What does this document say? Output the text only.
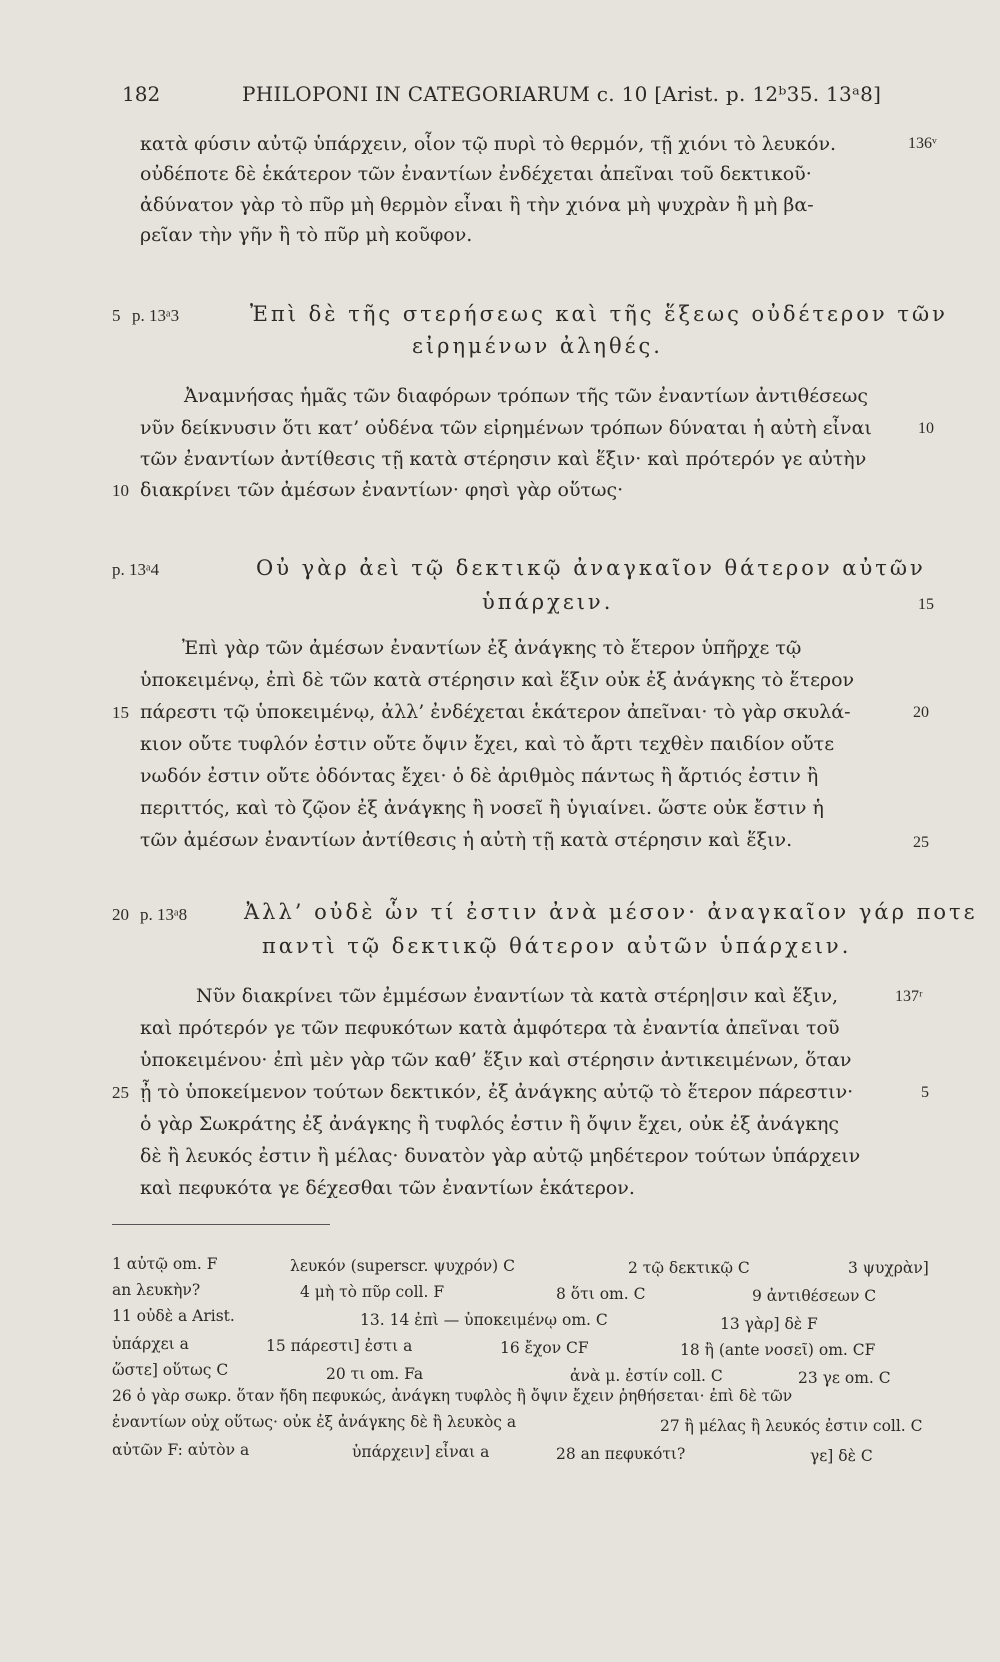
182	PHILOPONI IN CATEGORIARUM c. 10 [Arist. p. 12ᵇ35. 13ᵃ8]
κατὰ φύσιν αὐτῷ ὑπάρχειν, οἷον τῷ πυρὶ τὸ θερμόν, τῇ χιόνι τὸ λευκόν.	136ᵛ
οὐδέποτε δὲ ἑκάτερον τῶν ἐναντίων ἐνδέχεται ἀπεῖναι τοῦ δεκτικοῦ·
ἀδύνατον γὰρ τὸ πῦρ μὴ θερμὸν εἶναι ἢ τὴν χιόνα μὴ ψυχρὰν ἢ μὴ βα-
ρεῖαν τὴν γῆν ἢ τὸ πῦρ μὴ κοῦφον.
5 p. 13ᵃ3	Ἐπὶ δὲ τῆς στερήσεως καὶ τῆς ἕξεως οὐδέτερον τῶν
εἰρημένων ἀληθές.
Ἀναμνήσας ἡμᾶς τῶν διαφόρων τρόπων τῆς τῶν ἐναντίων ἀντιθέσεως
νῦν δείκνυσιν ὅτι κατ’ οὐδένα τῶν εἰρημένων τρόπων δύναται ἡ αὐτὴ εἶναι	10
τῶν ἐναντίων ἀντίθεσις τῇ κατὰ στέρησιν καὶ ἕξιν· καὶ πρότερόν γε αὐτὴν
10 διακρίνει τῶν ἀμέσων ἐναντίων· φησὶ γὰρ οὕτως·
p. 13ᵃ4	Οὐ γὰρ ἀεὶ τῷ δεκτικῷ ἀναγκαῖον θάτερον αὐτῶν
ὑπάρχειν.	15
Ἐπὶ γὰρ τῶν ἀμέσων ἐναντίων ἐξ ἀνάγκης τὸ ἕτερον ὑπῆρχε τῷ
ὑποκειμένῳ, ἐπὶ δὲ τῶν κατὰ στέρησιν καὶ ἕξιν οὐκ ἐξ ἀνάγκης τὸ ἕτερον
15 πάρεστι τῷ ὑποκειμένῳ, ἀλλ’ ἐνδέχεται ἑκάτερον ἀπεῖναι· τὸ γὰρ σκυλά-	20
κιον οὔτε τυφλόν ἐστιν οὔτε ὄψιν ἔχει, καὶ τὸ ἄρτι τεχθὲν παιδίον οὔτε
νωδόν ἐστιν οὔτε ὀδόντας ἔχει· ὁ δὲ ἀριθμὸς πάντως ἢ ἄρτιός ἐστιν ἢ
περιττός, καὶ τὸ ζῷον ἐξ ἀνάγκης ἢ νοσεῖ ἢ ὑγιαίνει. ὥστε οὐκ ἔστιν ἡ
τῶν ἀμέσων ἐναντίων ἀντίθεσις ἡ αὐτὴ τῇ κατὰ στέρησιν καὶ ἕξιν.	25
20 p. 13ᵃ8	Ἀλλ’ οὐδὲ ὧν τί ἐστιν ἀνὰ μέσον· ἀναγκαῖον γάρ ποτε
παντὶ τῷ δεκτικῷ θάτερον αὐτῶν ὑπάρχειν.
Νῦν διακρίνει τῶν ἐμμέσων ἐναντίων τὰ κατὰ στέρη|σιν καὶ ἕξιν,	137ʳ
καὶ πρότερόν γε τῶν πεφυκότων κατὰ ἀμφότερα τὰ ἐναντία ἀπεῖναι τοῦ
ὑποκειμένου· ἐπὶ μὲν γὰρ τῶν καθ’ ἕξιν καὶ στέρησιν ἀντικειμένων, ὅταν
25 ᾖ τὸ ὑποκείμενον τούτων δεκτικόν, ἐξ ἀνάγκης αὐτῷ τὸ ἕτερον πάρεστιν·	5
ὁ γὰρ Σωκράτης ἐξ ἀνάγκης ἢ τυφλός ἐστιν ἢ ὄψιν ἔχει, οὐκ ἐξ ἀνάγκης
δὲ ἢ λευκός ἐστιν ἢ μέλας· δυνατὸν γὰρ αὐτῷ μηδέτερον τούτων ὑπάρχειν
καὶ πεφυκότα γε δέχεσθαι τῶν ἐναντίων ἑκάτερον.
1 αὐτῷ om. F	λευκόν (superscr. ψυχρόν) C	2 τῷ δεκτικῷ C	3 ψυχρὰν]
an λευκὴν?	4 μὴ τὸ πῦρ coll. F	8 ὅτι om. C	9 ἀντιθέσεων C
11 οὐδὲ a Arist.	13. 14 ἐπὶ — ὑποκειμένῳ om. C	13 γὰρ] δὲ F
ὑπάρχει a	15 πάρεστι] ἐστι a	16 ἔχον CF	18 ἢ (ante νοσεῖ) om. CF
ὥστε] οὕτως C	20 τι om. Fa	ἀνὰ μ. ἐστίν coll. C	23 γε om. C
26 ὁ γὰρ σωκρ. ὅταν ἤδη πεφυκώς, ἀνάγκη τυφλὸς ἢ ὄψιν ἔχειν ῥηθήσεται· ἐπὶ δὲ τῶν
ἐναντίων οὐχ οὕτως· οὐκ ἐξ ἀνάγκης δὲ ἢ λευκὸς a	27 ἢ μέλας ἢ λευκός ἐστιν coll. C
αὐτῶν F: αὐτὸν a	ὑπάρχειν] εἶναι a	28 an πεφυκότι?	γε] δὲ C
